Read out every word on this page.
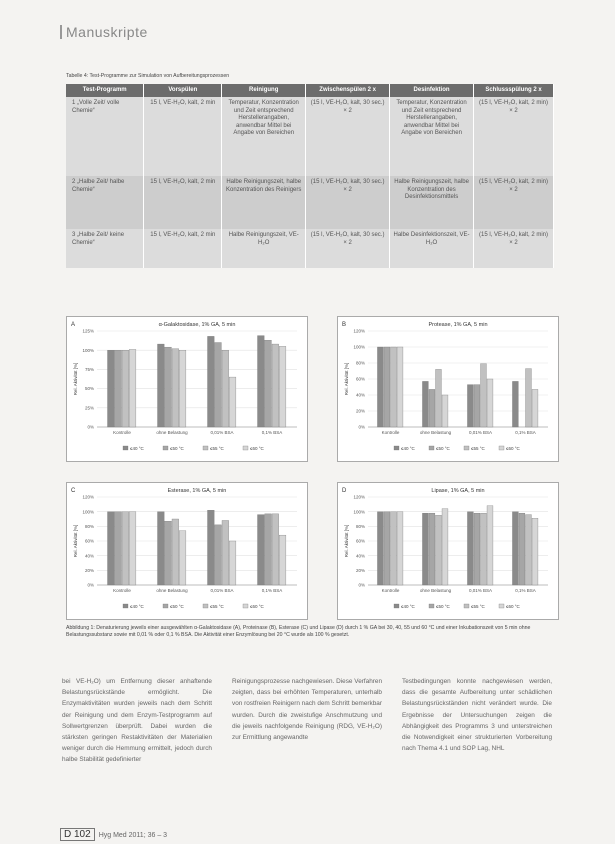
Manuskripte
Tabelle 4: Test-Programme zur Simulation von Aufbereitungsprozessen
Test-Programm	Vorspülen	Reinigung	Zwischenspülen 2 x	Desinfektion	Schlussspülung 2 x
1 „Volle Zeit/ volle Chemie“	15 l, VE-H₂O, kalt, 2 min	Temperatur, Konzentration und Zeit entsprechend Herstellerangaben, anwendbar Mittel bei Angabe von Bereichen	(15 l, VE-H₂O, kalt, 30 sec.) × 2	Temperatur, Konzentration und Zeit entsprechend Herstellerangaben, anwendbar Mittel bei Angabe von Bereichen	(15 l, VE-H₂O, kalt, 2 min) × 2
2 „Halbe Zeit/ halbe Chemie“	15 l, VE-H₂O, kalt, 2 min	Halbe Reinigungszeit, halbe Konzentration des Reinigers	(15 l, VE-H₂O, kalt, 30 sec.) × 2	Halbe Reinigungszeit, halbe Konzentration des Desinfektionsmittels	(15 l, VE-H₂O, kalt, 2 min) × 2
3 „Halbe Zeit/ keine Chemie“	15 l, VE-H₂O, kalt, 2 min	Halbe Reinigungszeit, VE-H₂O	(15 l, VE-H₂O, kalt, 30 sec.) × 2	Halbe Desinfektionszeit, VE-H₂O	(15 l, VE-H₂O, kalt, 2 min) × 2
A	α-Galaktosidase, 1% GA, 5 min
0%
25%
50%
75%
100%
125%
Rel. Aktivität [%]
Kontrolle	ohne Belastung	0,01% BSA	0,1% BSA
≤40 °C	≤50 °C	≤55 °C	≤60 °C
B	Protease, 1% GA, 5 min
0%
20%
40%
60%
80%
100%
120%
Rel. Aktivität [%]
Kontrolle	ohne Belastung	0,01% BSA	0,1% BSA
≤40 °C	≤50 °C	≤55 °C	≤60 °C
C	Esterase, 1% GA, 5 min
0%
20%
40%
60%
80%
100%
120%
Rel. Aktivität [%]
Kontrolle	ohne Belastung	0,01% BSA	0,1% BSA
≤40 °C	≤50 °C	≤55 °C	≤60 °C
D	Lipase, 1% GA, 5 min
0%
20%
40%
60%
80%
100%
120%
Rel. Aktivität [%]
Kontrolle	ohne Belastung	0,01% BSA	0,1% BSA
≤40 °C	≤50 °C	≤55 °C	≤60 °C
Abbildung 1: Denaturierung jeweils einer ausgewählten α-Galaktosidase (A), Proteinase (B), Esterase (C) und Lipase (D) durch 1 % GA bei 30, 40, 55 und 60 °C und einer Inkubationszeit von 5 min ohne Belastungssubstanz sowie mit 0,01 % oder 0,1 % BSA. Die Aktivität einer Enzymlösung bei 20 °C wurde als 100 % gesetzt.
bei VE-H₂O) um Entfernung dieser anhaftende Belastungsrückstände ermöglicht. Die Enzymaktivitäten wurden jeweils nach dem Schritt der Reinigung und dem Enzym-Testprogramm auf Sollwertgrenzen überprüft. Dabei wurden die stärksten geringen Restaktivitäten der Materialien weniger durch die Hemmung ermittelt, jedoch durch halbe Stabilität gedefinierter
Reinigungsprozesse nachgewiesen. Diese Verfahren zeigten, dass bei erhöhten Temperaturen, unterhalb von rostfreien Reinigern nach dem Schritt bemerkbar wurden. Durch die zweistufige Anschmutzung und die jeweils nachfolgende Reinigung (RDG, VE-H₂O) zur Ermittlung angewandte
Testbedingungen konnte nachgewiesen werden, dass die gesamte Aufbereitung unter schädlichen Belastungsrückständen nicht verändert wurde. Die Ergebnisse der Untersuchungen zeigen die Abhängigkeit des Programms 3 und unterstreichen die Notwendigkeit einer strukturierten Vorbereitung nach Thema 4.1 und SOP Lag, NHL
D 102 Hyg Med 2011; 36 – 3
